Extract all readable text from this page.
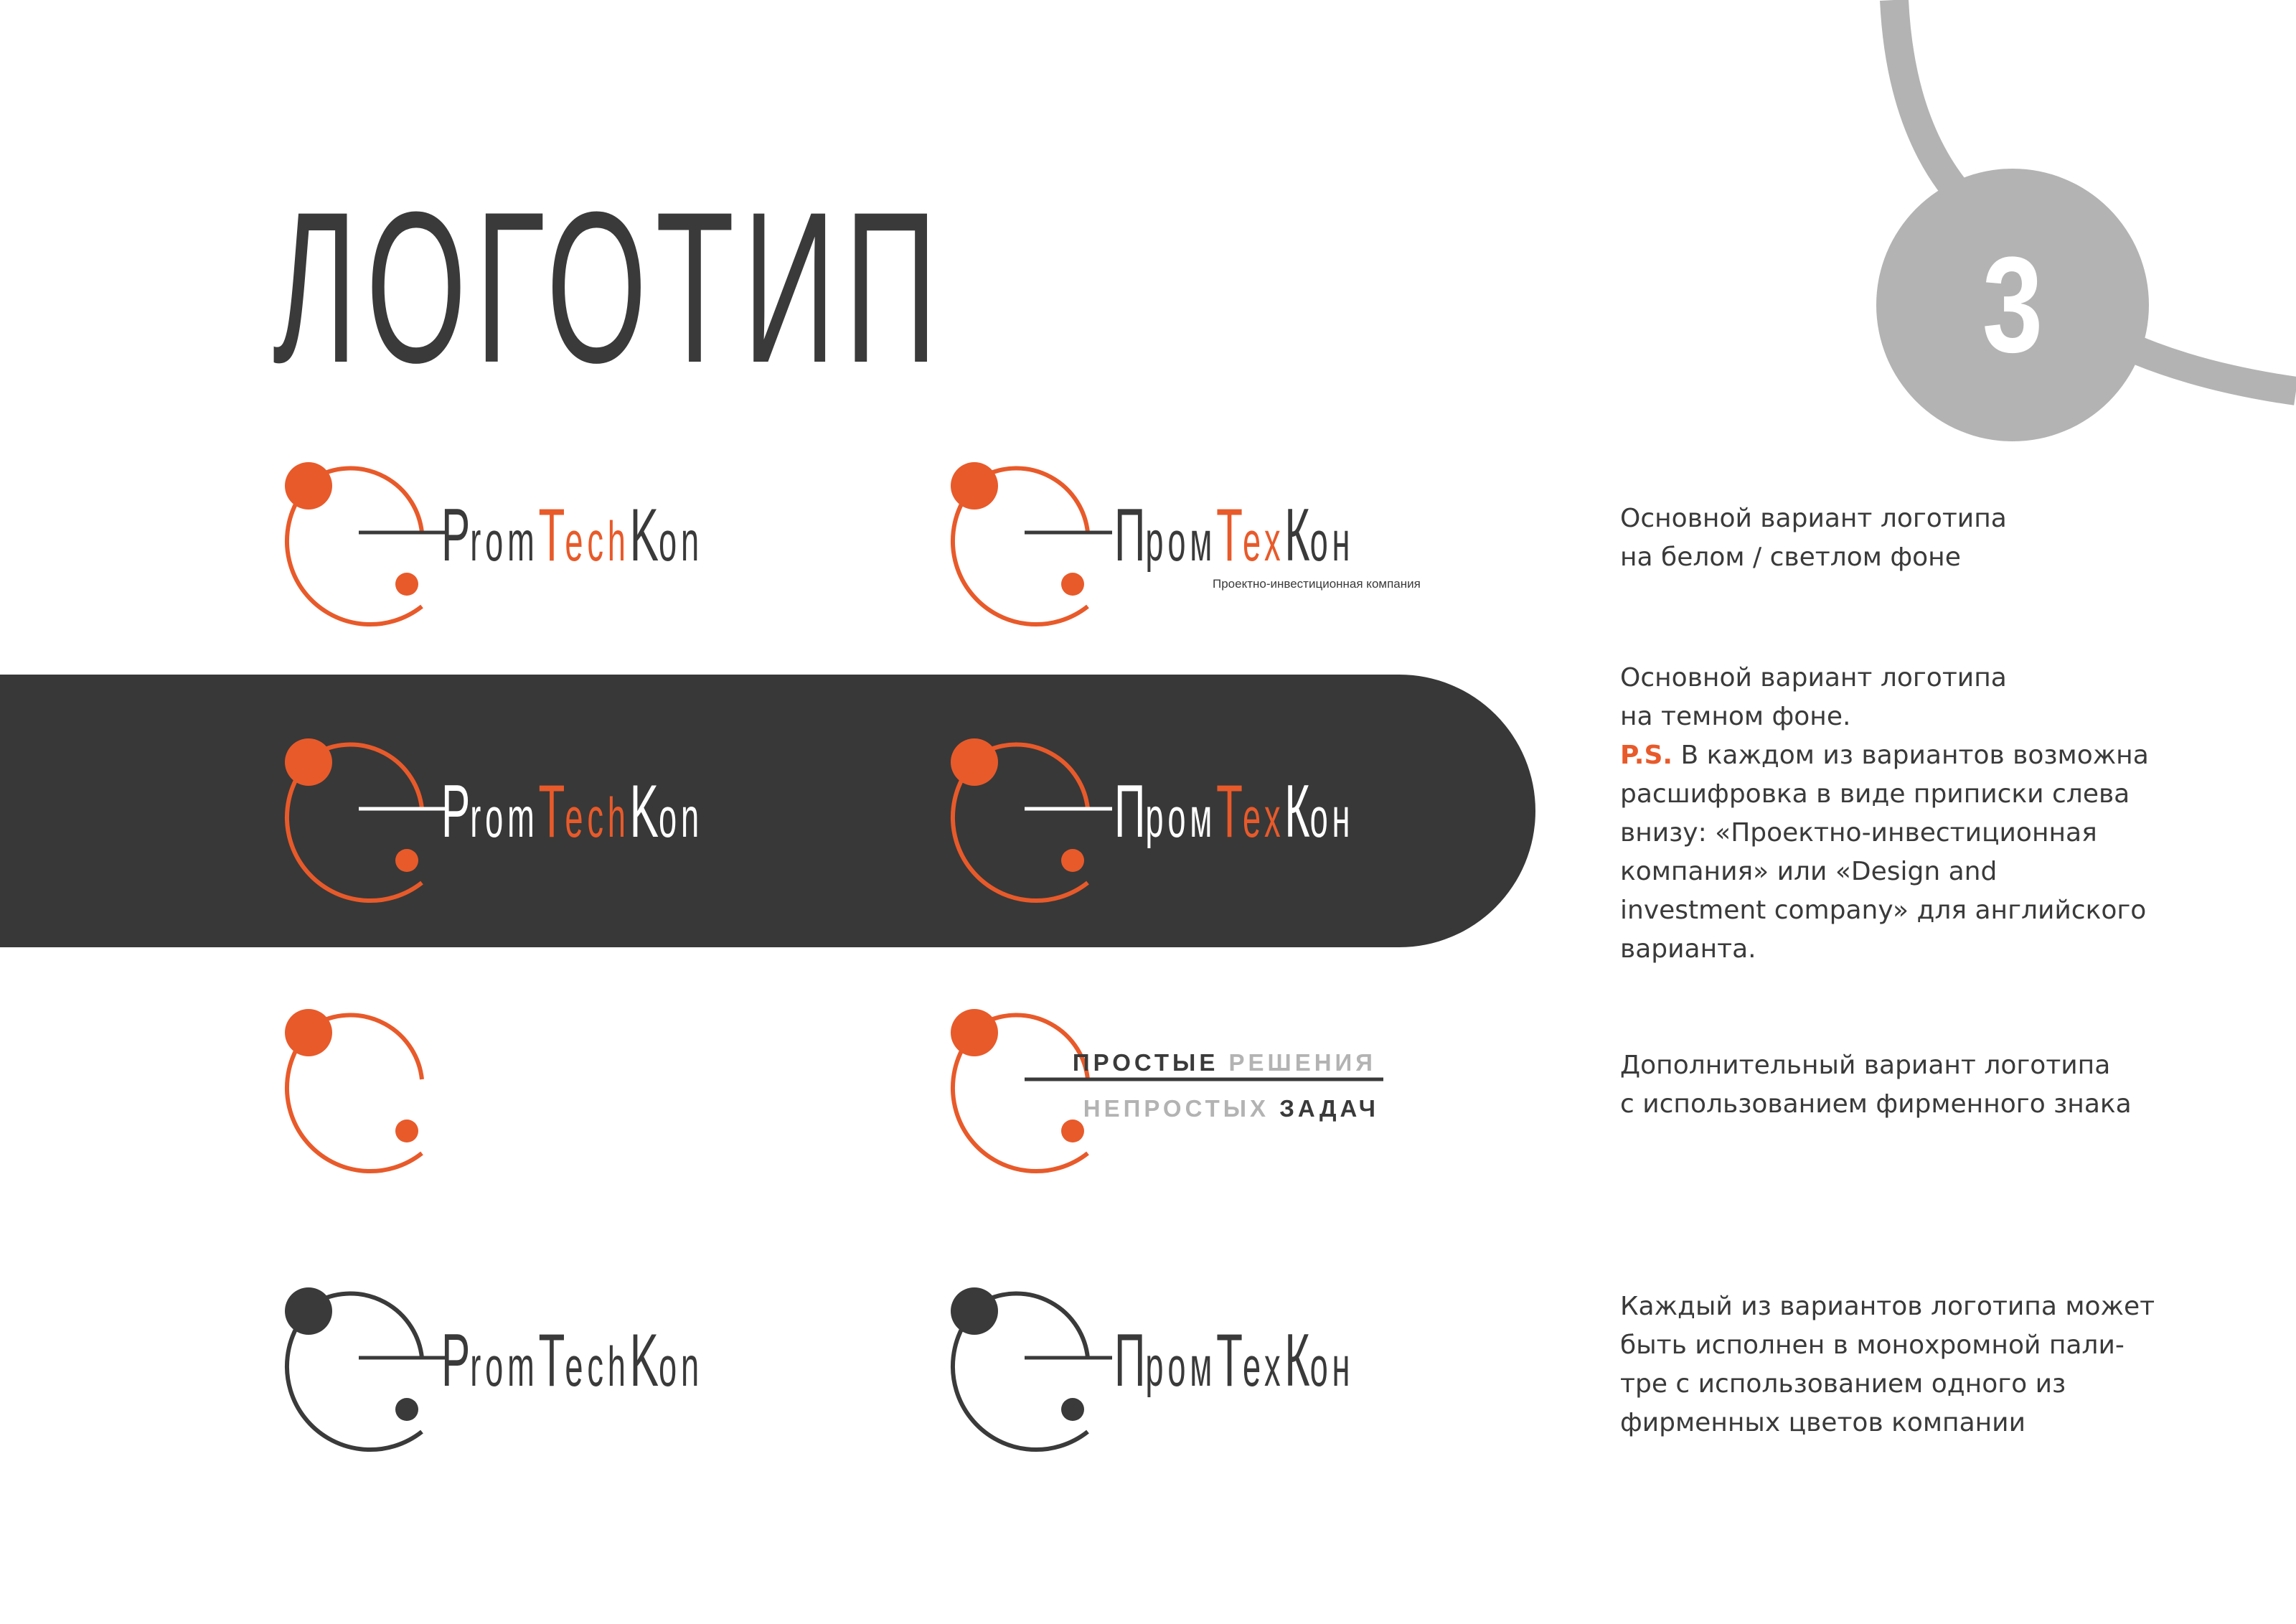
3
ЛОГОТИП
PromTechKon	ПромТехКон
Проектно-инвестиционная компания
PromTechKon	ПромТехКон
ПРОСТЫЕ РЕШЕНИЯ
НЕПРОСТЫХ ЗАДАЧ
PromTechKon	ПромТехКон

Основной вариант логотипа

на белом / светлом фоне

Основной вариант логотипа

на темном фоне.

P.S. В каждом из вариантов возможна

расшифровка в виде приписки слева

внизу: «Проектно-инвестиционная

компания» или «Design and

investment company» для английского

варианта.

Дополнительный вариант логотипа

с использованием фирменного знака

Каждый из вариантов логотипа может

быть исполнен в монохромной пали-

тре с использованием одного из

фирменных цветов компании
